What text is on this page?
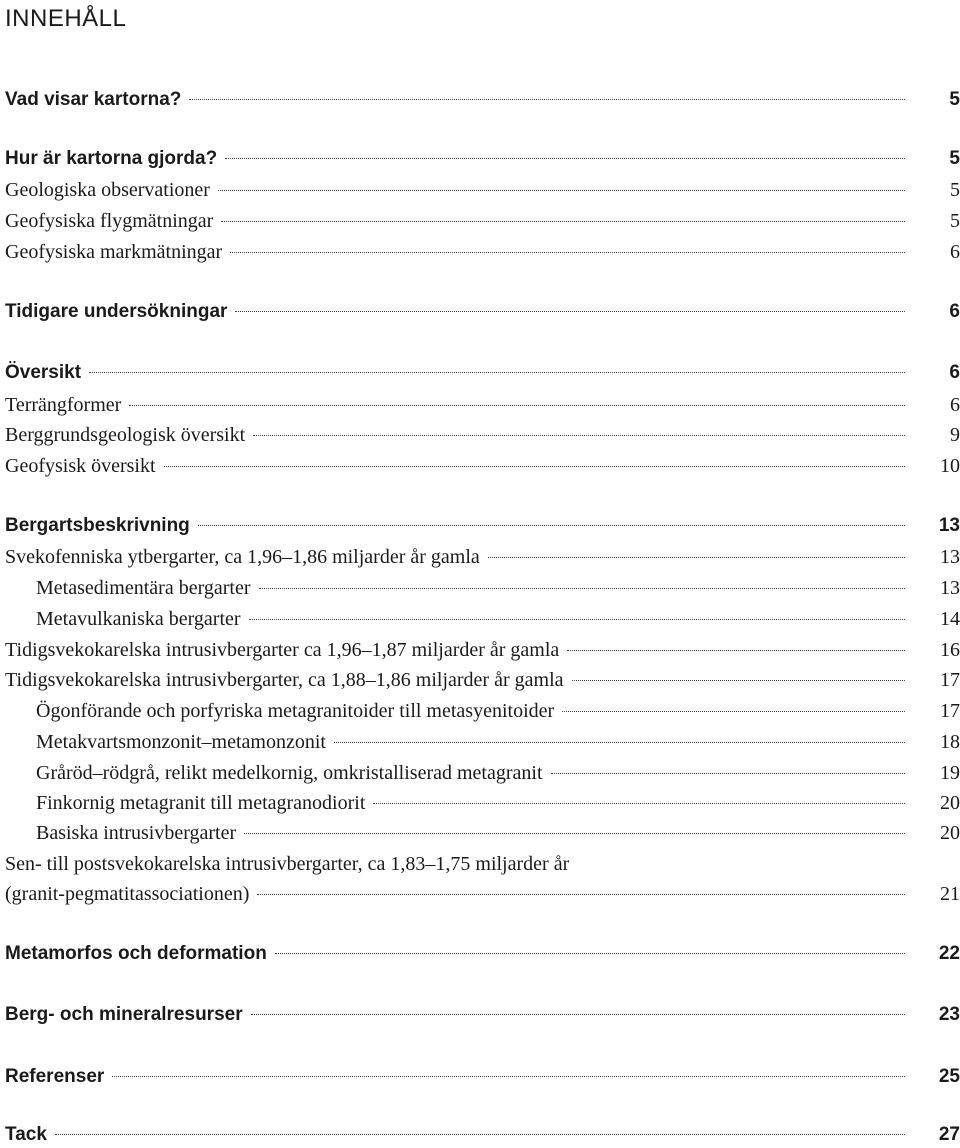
INNEHÅLL
Vad visar kartorna?	5
Hur är kartorna gjorda?	5
Geologiska observationer	5
Geofysiska flygmätningar	5
Geofysiska markmätningar	6
Tidigare undersökningar	6
Översikt	6
Terrängformer	6
Berggrundsgeologisk översikt	9
Geofysisk översikt	10
Bergartsbeskrivning	13
Svekofenniska ytbergarter, ca 1,96–1,86 miljarder år gamla	13
Metasedimentära bergarter	13
Metavulkaniska bergarter	14
Tidigsvekokarelska intrusivbergarter ca 1,96–1,87 miljarder år gamla	16
Tidigsvekokarelska intrusivbergarter, ca 1,88–1,86 miljarder år gamla	17
Ögonförande och porfyriska metagranitoider till metasyenitoider	17
Metakvartsmonzonit–metamonzonit	18
Gråröd–rödgrå, relikt medelkornig, omkristalliserad metagranit	19
Finkornig metagranit till metagranodiorit	20
Basiska intrusivbergarter	20
Sen- till postsvekokarelska intrusivbergarter, ca 1,83–1,75 miljarder år
(granit-pegmatitassociationen)	21
Metamorfos och deformation	22
Berg- och mineralresurser	23
Referenser	25
Tack	27
